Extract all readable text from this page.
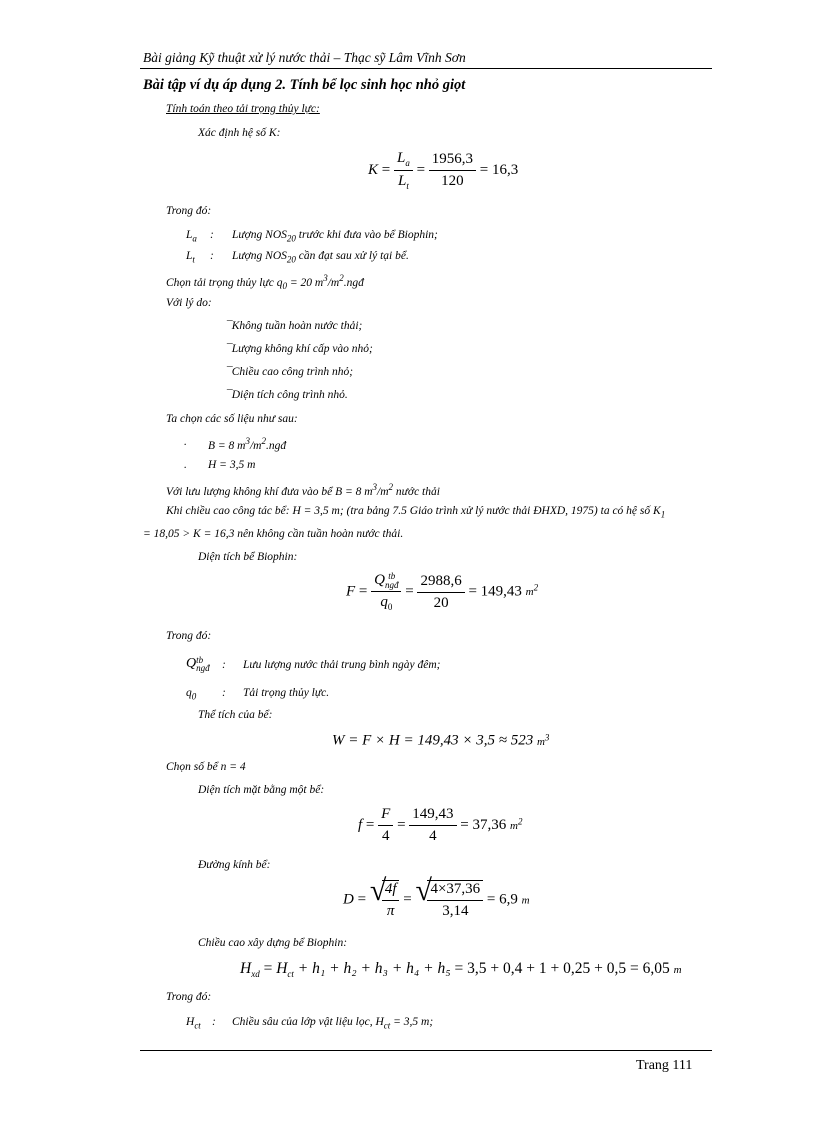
Bài giảng Kỹ thuật xử lý nước thải – Thạc sỹ Lâm Vĩnh Sơn
Bài tập ví dụ áp dụng 2. Tính bể lọc sinh học nhỏ giọt
Tính toán theo tải trọng thủy lực:
Xác định hệ số K:
$K = \frac{L_a}{L_t} = \frac{1956,3}{120} = 16,3$
Trong đó:
$L_a$ : Lượng $NOS_{20}$ trước khi đưa vào bể Biophin;
$L_t$ : Lượng $NOS_{20}$ cần đạt sau xử lý tại bể.
Chọn tải trọng thủy lực $q_0 = 20$ $m^3/m^2.ngđ$
Với lý do:
¯Không tuần hoàn nước thải;
¯Lượng không khí cấp vào nhỏ;
¯Chiều cao công trình nhỏ;
¯Diện tích công trình nhỏ.
Ta chọn các số liệu như sau:
. B = 8 $m^3/m^2.ngđ$
. H = 3,5 m
Với lưu lượng không khí đưa vào bể B = 8 $m^3/m^2$ nước thải
Khi chiều cao công tác bể: H = 3,5 m; (tra bảng 7.5 Giáo trình xử lý nước thải ĐHXD, 1975) ta có hệ số $K_1$
= 18,05 > K = 16,3 nên không cần tuần hoàn nước thải.
Diện tích bể Biophin:
F = Q tb
ngđ
$q_0 = \frac{2988,6}{20} = 149,43$ $m^2$
Trong đó:
Q tb
ngđ : Lưu lượng nước thải trung bình ngày đêm;
$q_0$ : Tải trọng thủy lực.
Thể tích của bể:
W = F × H = 149,43 × 3,5 ≈ 523 $m^3$
Chọn số bể n = 4
Diện tích mặt bằng một bể:
$f = \frac{F}{4} = \frac{149,43}{4} = 37,36$ $m^2$
Đường kính bể:
D = √
$\frac{4f}{\pi}$ = √
$\frac{4\times 37,36}{3,14} = 6,9$ m
Chiều cao xây dựng bể Biophin:
$H_{xd} = H_{ct} + h_1 + h_2 + h_3 + h_4 + h_5 = 3,5 + 0,4 + 1 + 0,25 + 0,5 = 6,05$ m
Trong đó:
$H_{ct}$ : Chiều sâu của lớp vật liệu lọc, $H_{ct} = 3,5$ m;
Trang 111
